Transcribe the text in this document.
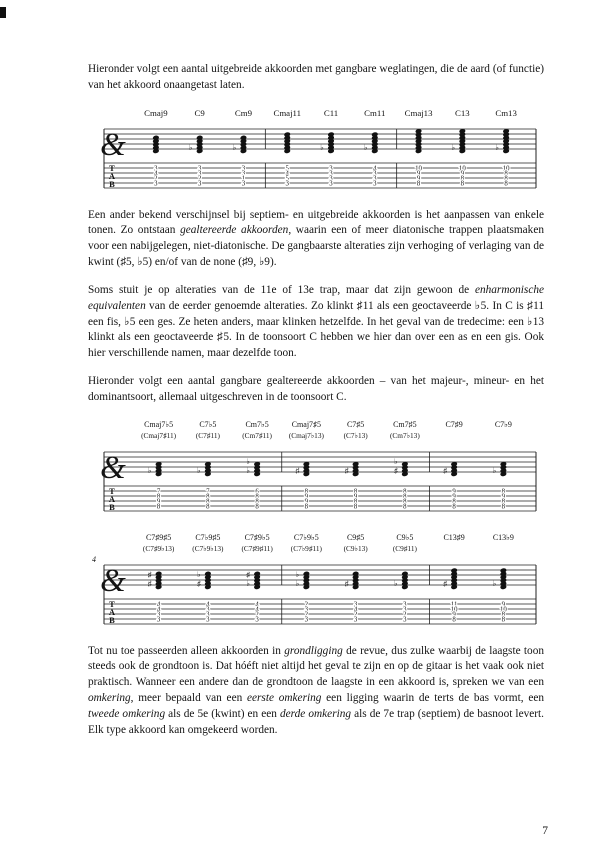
Hieronder volgt een aantal uitgebreide akkoorden met gangbare weglatingen, die de aard (of functie) van het akkoord onaangetast laten.

&
T
A
B
Cmaj9
3
4
2
3
C9
♭
3
3
2
3
Cm9
♭
3
3
1
3
Cmaj11
5
4
5
3
C11
♭
3
3
3
3
Cm11
♭
4
3
3
3
Cmaj13
10
9
9
8
C13
♭
10
9
8
8
Cm13
♭
10
8
8
8

Een ander bekend verschijnsel bij septiem- en uitgebreide akkoorden is het aanpassen van enkele tonen. Zo ontstaan gealtereerde akkoorden, waarin een of meer diatonische trappen plaatsmaken voor een nabijgelegen, niet-diatonische. De gangbaarste alteraties zijn verhoging of verlaging van de kwint (♯5, ♭5) en/of van de none (♯9, ♭9).

Soms stuit je op alteraties van de 11e of 13e trap, maar dat zijn gewoon de enharmonische equivalenten van de eerder genoemde alteraties. Zo klinkt ♯11 als een geoctaveerde ♭5. In C is ♯11 een fis, ♭5 een ges. Ze heten anders, maar klinken hetzelfde. In het geval van de tredecime: een ♭13 klinkt als een geoctaveerde ♯5. In de toonsoort C hebben we hier dan over een as en een gis. Ook hier verschillende namen, maar dezelfde toon.

Hieronder volgt een aantal gangbare gealtereerde akkoorden – van het majeur-, mineur- en het dominantsoort, allemaal uitgeschreven in de toonsoort C.

&
T
A
B
Cmaj7♭5
(Cmaj7♯11)
♭
7
8
9
8
C7♭5
(C7♯11)
♭
7
8
8
8
Cm7♭5
(Cm7♯11)
♭
♭
6
8
8
8
Cmaj7♯5
(Cmaj7♭13)
♯
8
9
9
8
C7♯5
(C7♭13)
♯
8
9
8
8
Cm7♯5
(Cm7♭13)
♯
♭
8
8
8
8
C7♯9
♯
9
9
8
8
C7♭9
♭
8
9
8
8
&
T
A
B
4
C7♯9♯5
(C7♯9♭13)
♯
♯
4
4
3
3
C7♭9♯5
(C7♭9♭13)
♯
♭
4
3
3
3
C7♯9♭5
(C7♯9♯11)
♭
♯
4
4
2
3
C7♭9♭5
(C7♭9♯11)
♭
♭
2
3
2
3
C9♯5
(C9♭13)
♯
3
4
2
3
C9♭5
(C9♯11)
♭
3
3
2
3
C13♯9
♯
11
10
9
8
C13♭9
♭
9
10
8
8

Tot nu toe passeerden alleen akkoorden in grondligging de revue, dus zulke waarbij de laagste toon steeds ook de grondtoon is. Dat hóéft niet altijd het geval te zijn en op de gitaar is het vaak ook niet praktisch. Wanneer een andere dan de grondtoon de laagste in een akkoord is, spreken we van een omkering, meer bepaald van een eerste omkering een ligging waarin de terts de bas vormt, een tweede omkering als de 5e (kwint) en een derde omkering als de 7e trap (septiem) de basnoot levert. Elk type akkoord kan omgekeerd worden.

7
